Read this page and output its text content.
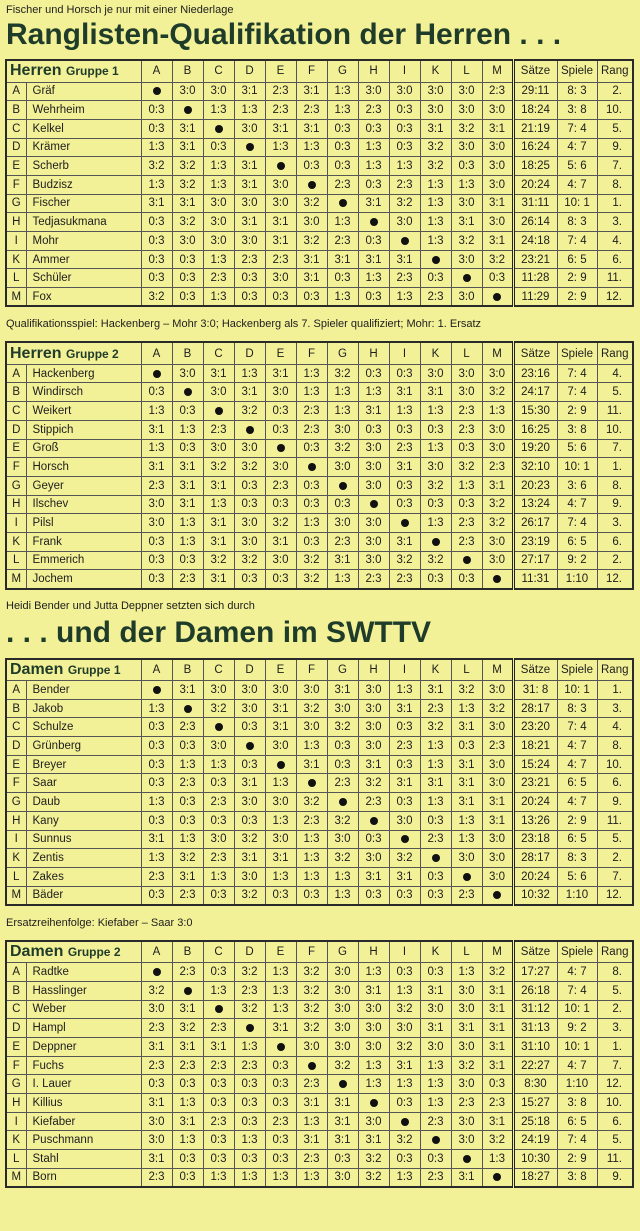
Fischer und Horsch je nur mit einer Niederlage
Ranglisten-Qualifikation der Herren . . .
Herren Gruppe 1		A	B	C	D	E	F	G	H	I	K	L	M	Sätze	Spiele	Rang
A	Gräf		3:0	3:0	3:1	2:3	3:1	1:3	3:0	3:0	3:0	3:0	2:3	29:11	8: 3	2.
B	Wehrheim	0:3		1:3	1:3	2:3	2:3	1:3	2:3	0:3	3:0	3:0	3:0	18:24	3: 8	10.
C	Kelkel	0:3	3:1		3:0	3:1	3:1	0:3	0:3	0:3	3:1	3:2	3:1	21:19	7: 4	5.
D	Krämer	1:3	3:1	0:3		1:3	1:3	0:3	1:3	0:3	3:2	3:0	3:0	16:24	4: 7	9.
E	Scherb	3:2	3:2	1:3	3:1		0:3	0:3	1:3	1:3	3:2	0:3	3:0	18:25	5: 6	7.
F	Budzisz	1:3	3:2	1:3	3:1	3:0		2:3	0:3	2:3	1:3	1:3	3:0	20:24	4: 7	8.
G	Fischer	3:1	3:1	3:0	3:0	3:0	3:2		3:1	3:2	1:3	3:0	3:1	31:11	10: 1	1.
H	Tedjasukmana	0:3	3:2	3:0	3:1	3:1	3:0	1:3		3:0	1:3	3:1	3:0	26:14	8: 3	3.
I	Mohr	0:3	3:0	3:0	3:0	3:1	3:2	2:3	0:3		1:3	3:2	3:1	24:18	7: 4	4.
K	Ammer	0:3	0:3	1:3	2:3	2:3	3:1	3:1	3:1	3:1		3:0	3:2	23:21	6: 5	6.
L	Schüler	0:3	0:3	2:3	0:3	3:0	3:1	0:3	1:3	2:3	0:3		0:3	11:28	2: 9	11.
M	Fox	3:2	0:3	1:3	0:3	0:3	0:3	1:3	0:3	1:3	2:3	3:0		11:29	2: 9	12.
Qualifikationsspiel: Hackenberg – Mohr 3:0; Hackenberg als 7. Spieler qualifiziert; Mohr: 1. Ersatz
Herren Gruppe 2		A	B	C	D	E	F	G	H	I	K	L	M	Sätze	Spiele	Rang
A	Hackenberg		3:0	3:1	1:3	3:1	1:3	3:2	0:3	0:3	3:0	3:0	3:0	23:16	7: 4	4.
B	Windirsch	0:3		3:0	3:1	3:0	1:3	1:3	1:3	3:1	3:1	3:0	3:2	24:17	7: 4	5.
C	Weikert	1:3	0:3		3:2	0:3	2:3	1:3	3:1	1:3	1:3	2:3	1:3	15:30	2: 9	11.
D	Stippich	3:1	1:3	2:3		0:3	2:3	3:0	0:3	0:3	0:3	2:3	3:0	16:25	3: 8	10.
E	Groß	1:3	0:3	3:0	3:0		0:3	3:2	3:0	2:3	1:3	0:3	3:0	19:20	5: 6	7.
F	Horsch	3:1	3:1	3:2	3:2	3:0		3:0	3:0	3:1	3:0	3:2	2:3	32:10	10: 1	1.
G	Geyer	2:3	3:1	3:1	0:3	2:3	0:3		3:0	0:3	3:2	1:3	3:1	20:23	3: 6	8.
H	Ilschev	3:0	3:1	1:3	0:3	0:3	0:3	0:3		0:3	0:3	0:3	3:2	13:24	4: 7	9.
I	Pilsl	3:0	1:3	3:1	3:0	3:2	1:3	3:0	3:0		1:3	2:3	3:2	26:17	7: 4	3.
K	Frank	0:3	1:3	3:1	3:0	3:1	0:3	2:3	3:0	3:1		2:3	3:0	23:19	6: 5	6.
L	Emmerich	0:3	0:3	3:2	3:2	3:0	3:2	3:1	3:0	3:2	3:2		3:0	27:17	9: 2	2.
M	Jochem	0:3	2:3	3:1	0:3	0:3	3:2	1:3	2:3	2:3	0:3	0:3		11:31	1:10	12.
Heidi Bender und Jutta Deppner setzten sich durch
. . . und der Damen im SWTTV
Damen Gruppe 1		A	B	C	D	E	F	G	H	I	K	L	M	Sätze	Spiele	Rang
A	Bender		3:1	3:0	3:0	3:0	3:0	3:1	3:0	1:3	3:1	3:2	3:0	31: 8	10: 1	1.
B	Jakob	1:3		3:2	3:0	3:1	3:2	3:0	3:0	3:1	2:3	1:3	3:2	28:17	8: 3	3.
C	Schulze	0:3	2:3		0:3	3:1	3:0	3:2	3:0	0:3	3:2	3:1	3:0	23:20	7: 4	4.
D	Grünberg	0:3	0:3	3:0		3:0	1:3	0:3	3:0	2:3	1:3	0:3	2:3	18:21	4: 7	8.
E	Breyer	0:3	1:3	1:3	0:3		3:1	0:3	3:1	0:3	1:3	3:1	3:0	15:24	4: 7	10.
F	Saar	0:3	2:3	0:3	3:1	1:3		2:3	3:2	3:1	3:1	3:1	3:0	23:21	6: 5	6.
G	Daub	1:3	0:3	2:3	3:0	3:0	3:2		2:3	0:3	1:3	3:1	3:1	20:24	4: 7	9.
H	Kany	0:3	0:3	0:3	0:3	1:3	2:3	3:2		3:0	0:3	1:3	3:1	13:26	2: 9	11.
I	Sunnus	3:1	1:3	3:0	3:2	3:0	1:3	3:0	0:3		2:3	1:3	3:0	23:18	6: 5	5.
K	Zentis	1:3	3:2	2:3	3:1	3:1	1:3	3:2	3:0	3:2		3:0	3:0	28:17	8: 3	2.
L	Zakes	2:3	3:1	1:3	3:0	1:3	1:3	1:3	3:1	3:1	0:3		3:0	20:24	5: 6	7.
M	Bäder	0:3	2:3	0:3	3:2	0:3	0:3	1:3	0:3	0:3	0:3	2:3		10:32	1:10	12.
Ersatzreihenfolge: Kiefaber – Saar 3:0
Damen Gruppe 2		A	B	C	D	E	F	G	H	I	K	L	M	Sätze	Spiele	Rang
A	Radtke		2:3	0:3	3:2	1:3	3:2	3:0	1:3	0:3	0:3	1:3	3:2	17:27	4: 7	8.
B	Hasslinger	3:2		1:3	2:3	1:3	3:2	3:0	3:1	1:3	3:1	3:0	3:1	26:18	7: 4	5.
C	Weber	3:0	3:1		3:2	1:3	3:2	3:0	3:0	3:2	3:0	3:0	3:1	31:12	10: 1	2.
D	Hampl	2:3	3:2	2:3		3:1	3:2	3:0	3:0	3:0	3:1	3:1	3:1	31:13	9: 2	3.
E	Deppner	3:1	3:1	3:1	1:3		3:0	3:0	3:0	3:2	3:0	3:0	3:1	31:10	10: 1	1.
F	Fuchs	2:3	2:3	2:3	2:3	0:3		3:2	1:3	3:1	1:3	3:2	3:1	22:27	4: 7	7.
G	I. Lauer	0:3	0:3	0:3	0:3	0:3	2:3		1:3	1:3	1:3	3:0	0:3	8:30	1:10	12.
H	Killius	3:1	1:3	0:3	0:3	0:3	3:1	3:1		0:3	1:3	2:3	2:3	15:27	3: 8	10.
I	Kiefaber	3:0	3:1	2:3	0:3	2:3	1:3	3:1	3:0		2:3	3:0	3:1	25:18	6: 5	6.
K	Puschmann	3:0	1:3	0:3	1:3	0:3	3:1	3:1	3:1	3:2		3:0	3:2	24:19	7: 4	5.
L	Stahl	3:1	0:3	0:3	0:3	0:3	2:3	0:3	3:2	0:3	0:3		1:3	10:30	2: 9	11.
M	Born	2:3	0:3	1:3	1:3	1:3	1:3	3:0	3:2	1:3	2:3	3:1		18:27	3: 8	9.
